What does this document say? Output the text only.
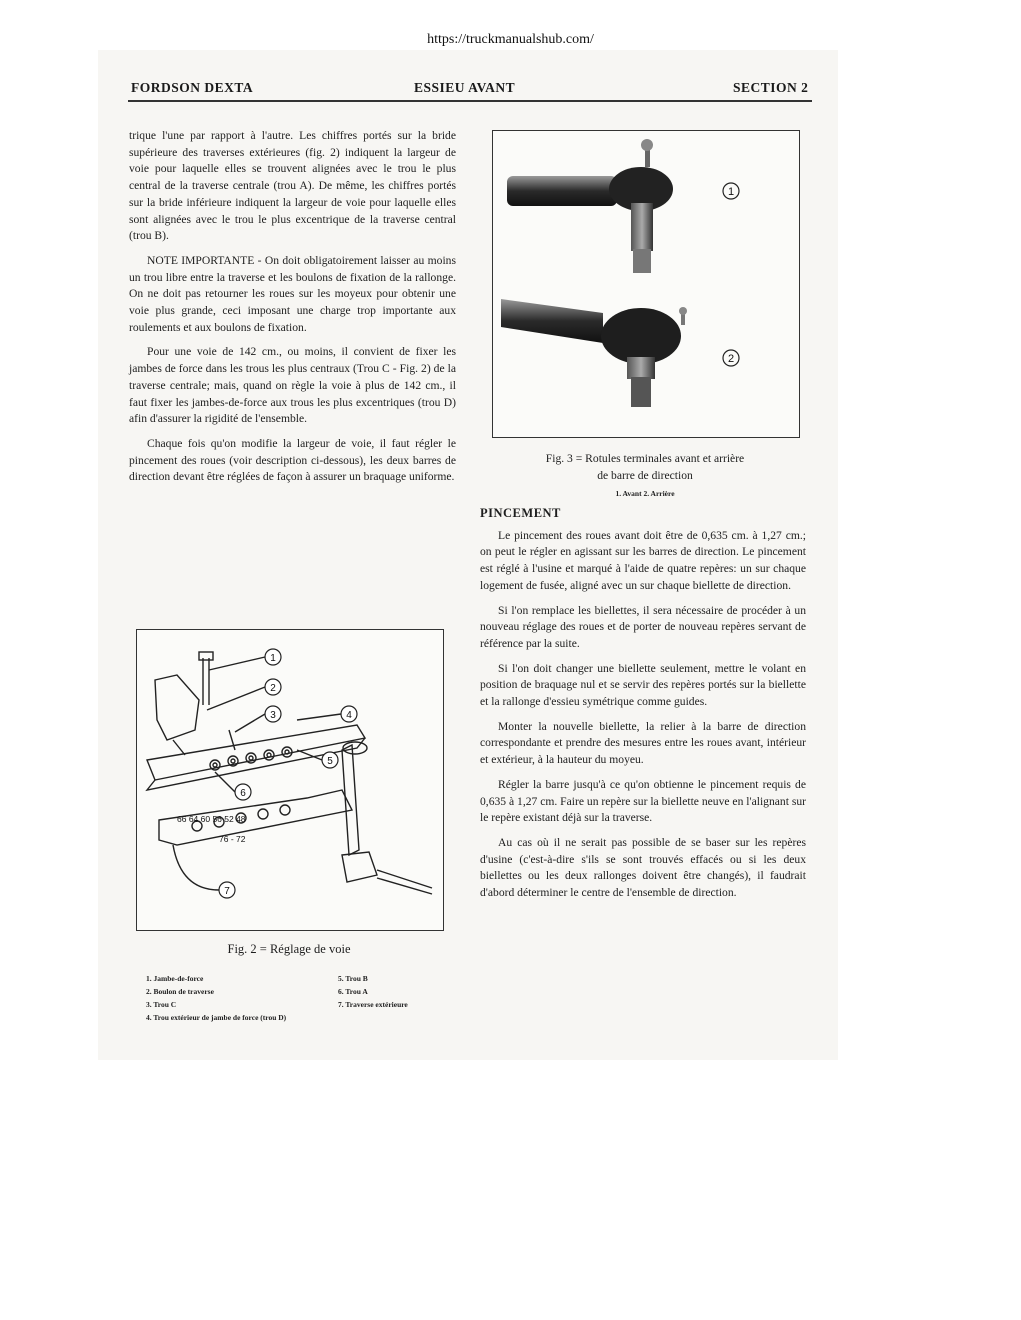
https://truckmanualshub.com/
FORDSON DEXTA	ESSIEU AVANT	SECTION 2

trique l'une par rapport à l'autre. Les chiffres portés sur la bride supérieure des traverses extérieures (fig. 2) indiquent la largeur de voie pour laquelle elles se trouvent alignées avec le trou le plus central de la traverse centrale (trou A). De même, les chiffres portés sur la bride inférieure indiquent la largeur de voie pour laquelle elles sont alignées avec le trou le plus excentrique de la traverse central (trou B).

NOTE IMPORTANTE - On doit obligatoirement laisser au moins un trou libre entre la traverse et les boulons de fixation de la rallonge. On ne doit pas retourner les roues sur les moyeux pour obtenir une voie plus grande, ceci imposant une charge trop importante aux roulements et aux boulons de fixation.

Pour une voie de 142 cm., ou moins, il convient de fixer les jambes de force dans les trous les plus centraux (Trou C - Fig. 2) de la traverse centrale; mais, quand on règle la voie à plus de 142 cm., il faut fixer les jambes-de-force aux trous les plus excentriques (trou D) afin d'assurer la rigidité de l'ensemble.

Chaque fois qu'on modifie la largeur de voie, il faut régler le pincement des roues (voir description ci-dessous), les deux barres de direction devant être réglées de façon à assurer un braquage uniforme.

1
2
Fig. 3 = Rotules terminales avant et arrière
de barre de direction
1. Avant 2. Arrière
PINCEMENT

Le pincement des roues avant doit être de 0,635 cm. à 1,27 cm.; on peut le régler en agissant sur les barres de direction. Le pincement est réglé à l'usine et marqué à l'aide de quatre repères: un sur chaque logement de fusée, aligné avec un sur chaque biellette de direction.

Si l'on remplace les biellettes, il sera nécessaire de procéder à un nouveau réglage des roues et de porter de nouveau repères servant de référence par la suite.

Si l'on doit changer une biellette seulement, mettre le volant en position de braquage nul et se servir des repères portés sur la biellette et la rallonge d'essieu symétrique comme guides.

Monter la nouvelle biellette, la relier à la barre de direction correspondante et prendre des mesures entre les roues avant, intérieur et extérieur, à la hauteur du moyeu.

Régler la barre jusqu'à ce qu'on obtienne le pincement requis de 0,635 à 1,27 cm. Faire un repère sur la biellette neuve en l'alignant sur le repère existant déjà sur la traverse.

Au cas où il ne serait pas possible de se baser sur les repères d'usine (c'est-à-dire s'ils se sont trouvés effacés ou si les deux biellettes ou les deux rallonges doivent être changés), il faudrait d'abord déterminer le centre de l'ensemble de direction.

66 64 60 56 52 48
76 - 72
1
2
3	4
5
6
7
Fig. 2 = Réglage de voie
1. Jambe-de-force
2. Boulon de traverse
3. Trou C
4. Trou extérieur de jambe de force (trou D)
5. Trou B
6. Trou A
7. Traverse extérieure
